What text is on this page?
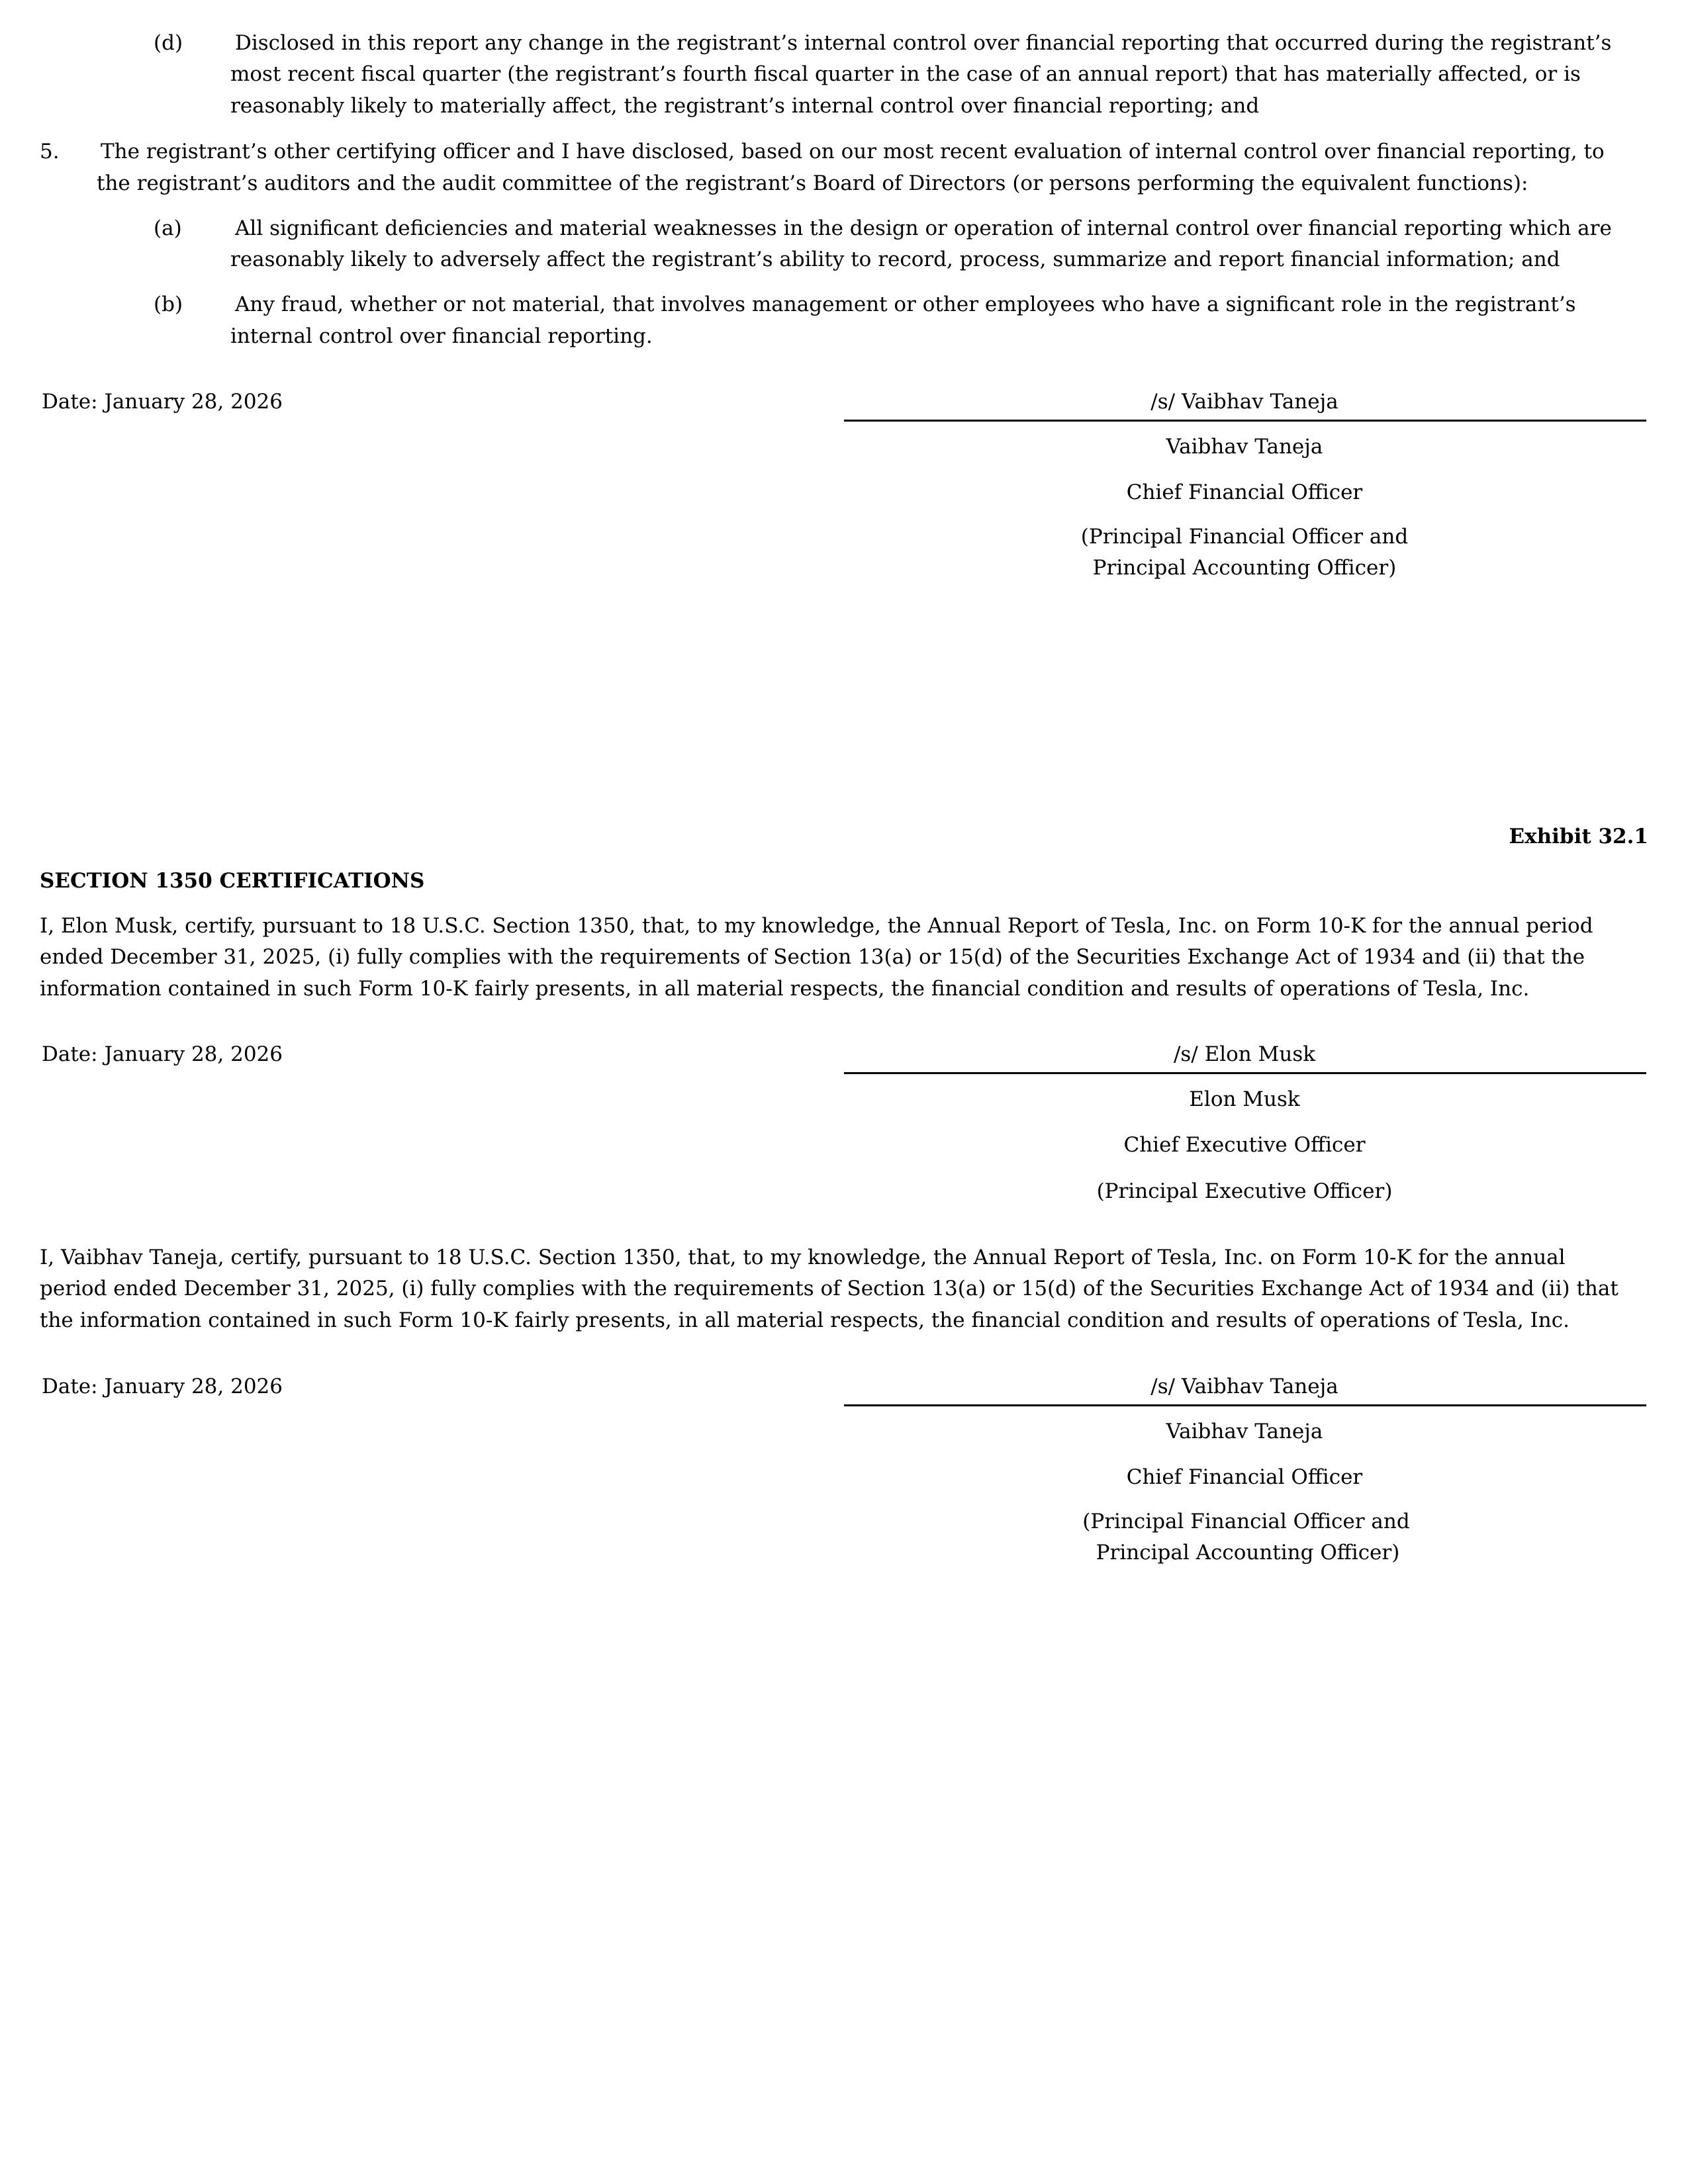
(d)	Disclosed in this report any change in the registrant’s internal control over financial reporting that occurred during the registrant’s
most recent fiscal quarter (the registrant’s fourth fiscal quarter in the case of an annual report) that has materially affected, or is
reasonably likely to materially affect, the registrant’s internal control over financial reporting; and
5. The registrant’s other certifying officer and I have disclosed, based on our most recent evaluation of internal control over financial reporting, to
the registrant’s auditors and the audit committee of the registrant’s Board of Directors (or persons performing the equivalent functions):
(a)	All significant deficiencies and material weaknesses in the design or operation of internal control over financial reporting which are
reasonably likely to adversely affect the registrant’s ability to record, process, summarize and report financial information; and
(b)	Any fraud, whether or not material, that involves management or other employees who have a significant role in the registrant’s
internal control over financial reporting.
Date: January 28, 2026	/s/ Vaibhav Taneja
Vaibhav Taneja
Chief Financial Officer
(Principal Financial Officer and
Principal Accounting Officer)
Exhibit 32.1
SECTION 1350 CERTIFICATIONS
I, Elon Musk, certify, pursuant to 18 U.S.C. Section 1350, that, to my knowledge, the Annual Report of Tesla, Inc. on Form 10-K for the annual period
ended December 31, 2025, (i) fully complies with the requirements of Section 13(a) or 15(d) of the Securities Exchange Act of 1934 and (ii) that the
information contained in such Form 10-K fairly presents, in all material respects, the financial condition and results of operations of Tesla, Inc.
Date: January 28, 2026	/s/ Elon Musk
Elon Musk
Chief Executive Officer
(Principal Executive Officer)
I, Vaibhav Taneja, certify, pursuant to 18 U.S.C. Section 1350, that, to my knowledge, the Annual Report of Tesla, Inc. on Form 10-K for the annual
period ended December 31, 2025, (i) fully complies with the requirements of Section 13(a) or 15(d) of the Securities Exchange Act of 1934 and (ii) that
the information contained in such Form 10-K fairly presents, in all material respects, the financial condition and results of operations of Tesla, Inc.
Date: January 28, 2026	/s/ Vaibhav Taneja
Vaibhav Taneja
Chief Financial Officer
(Principal Financial Officer and
Principal Accounting Officer)
